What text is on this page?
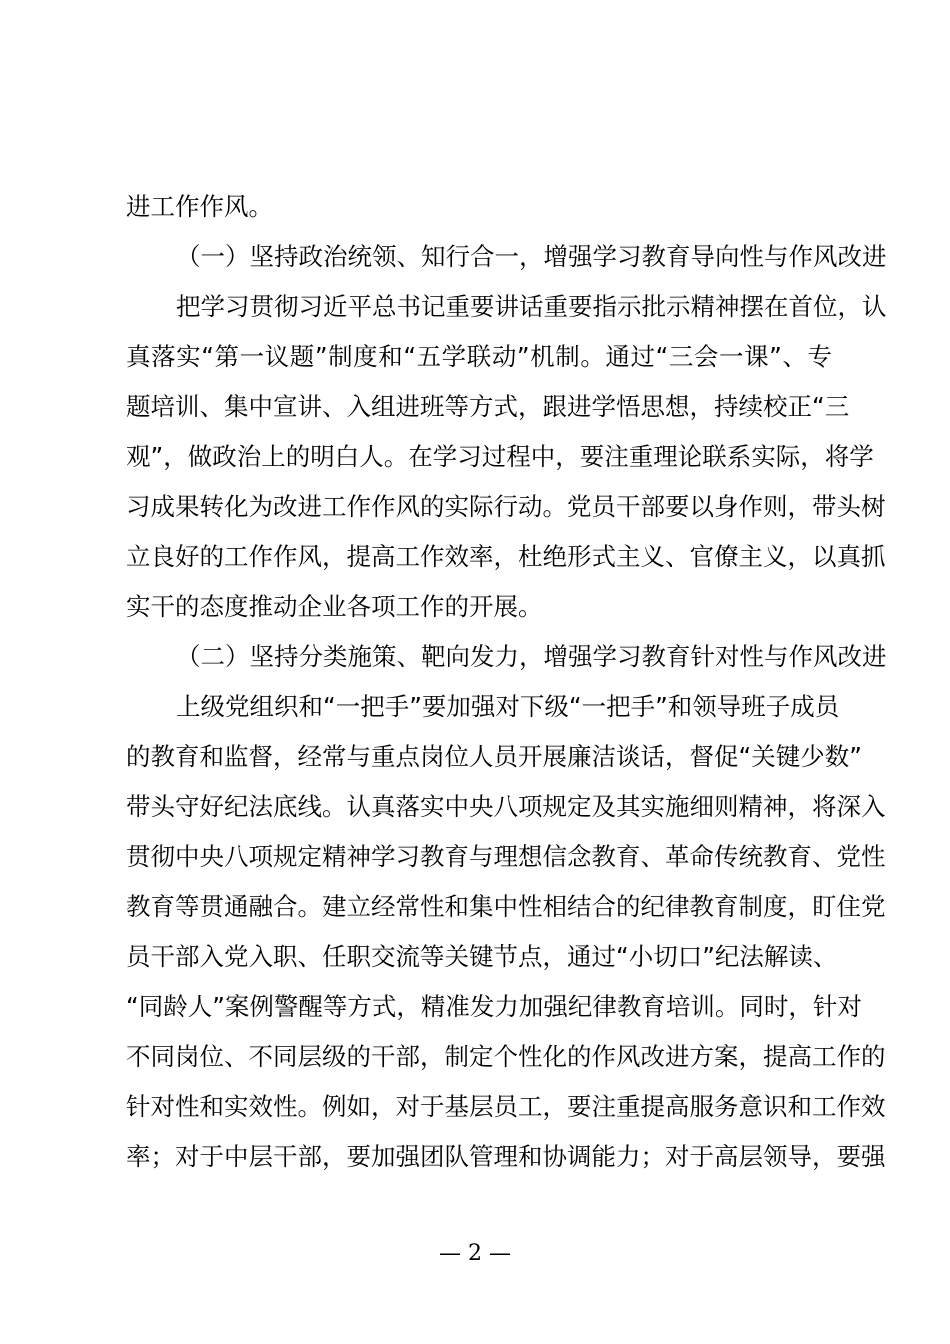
进工作作风。
（一）坚持政治统领、知行合一，增强学习教育导向性与作风改进
把学习贯彻习近平总书记重要讲话重要指示批示精神摆在首位，认
真落实“第一议题”制度和“五学联动”机制。通过“三会一课”、专
题培训、集中宣讲、入组进班等方式，跟进学悟思想，持续校正“三
观”，做政治上的明白人。在学习过程中，要注重理论联系实际，将学
习成果转化为改进工作作风的实际行动。党员干部要以身作则，带头树
立良好的工作作风，提高工作效率，杜绝形式主义、官僚主义，以真抓
实干的态度推动企业各项工作的开展。
（二）坚持分类施策、靶向发力，增强学习教育针对性与作风改进
上级党组织和“一把手”要加强对下级“一把手”和领导班子成员
的教育和监督，经常与重点岗位人员开展廉洁谈话，督促“关键少数”
带头守好纪法底线。认真落实中央八项规定及其实施细则精神，将深入
贯彻中央八项规定精神学习教育与理想信念教育、革命传统教育、党性
教育等贯通融合。建立经常性和集中性相结合的纪律教育制度，盯住党
员干部入党入职、任职交流等关键节点，通过“小切口”纪法解读、
“同龄人”案例警醒等方式，精准发力加强纪律教育培训。同时，针对
不同岗位、不同层级的干部，制定个性化的作风改进方案，提高工作的
针对性和实效性。例如，对于基层员工，要注重提高服务意识和工作效
率；对于中层干部，要加强团队管理和协调能力；对于高层领导，要强
— 2 —
